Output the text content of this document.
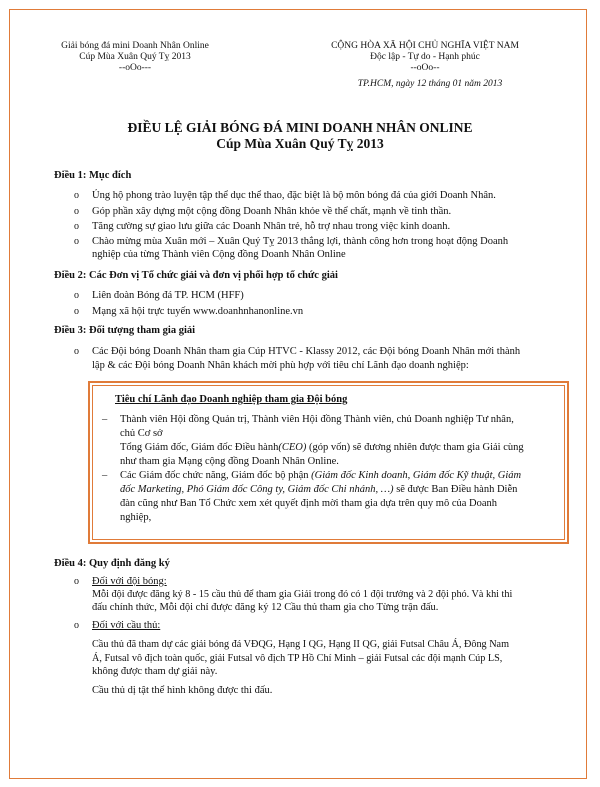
Giải bóng đá mini Doanh Nhân Online
Cúp Mùa Xuân Quý Tỵ 2013
--oOo---
CỘNG HÒA XÃ HỘI CHỦ NGHĨA VIỆT NAM
Độc lập - Tự do - Hạnh phúc
--oOo--
TP.HCM, ngày 12 tháng 01 năm 2013
ĐIỀU LỆ GIẢI BÓNG ĐÁ MINI DOANH NHÂN ONLINE
Cúp Mùa Xuân Quý Tỵ 2013
Điều 1: Mục đích
o Ủng hộ phong trào luyện tập thể dục thể thao, đặc biệt là bộ môn bóng đá của giới Doanh Nhân.
o Góp phần xây dựng một cộng đồng Doanh Nhân khỏe về thể chất, mạnh về tinh thần.
o Tăng cường sự giao lưu giữa các Doanh Nhân trẻ, hỗ trợ nhau trong việc kinh doanh.
o Chào mừng mùa Xuân mới – Xuân Quý Tỵ 2013 thắng lợi, thành công hơn trong hoạt động Doanh
nghiệp của từng Thành viên Cộng đồng Doanh Nhân Online
Điều 2: Các Đơn vị Tổ chức giải và đơn vị phối hợp tổ chức giải
o Liên đoàn Bóng đá TP. HCM (HFF)
o Mạng xã hội trực tuyến www.doanhnhanonline.vn
Điều 3: Đối tượng tham gia giải
o Các Đội bóng Doanh Nhân tham gia Cúp HTVC - Klassy 2012, các Đội bóng Doanh Nhân mới thành
lập & các Đội bóng Doanh Nhân khách mời phù hợp với tiêu chí Lãnh đạo doanh nghiệp:
Tiêu chí Lãnh đạo Doanh nghiệp tham gia Đội bóng
– Thành viên Hội đồng Quản trị, Thành viên Hội đồng Thành viên, chủ Doanh nghiệp Tư nhân,
chủ Cơ sở
Tổng Giám đốc, Giám đốc Điều hành(CEO) (góp vốn) sẽ đương nhiên được tham gia Giải cùng
như tham gia Mạng cộng đồng Doanh Nhân Online.
– Các Giám đốc chức năng, Giám đốc bộ phận (Giám đốc Kinh doanh, Giám đốc Kỹ thuật, Giám
đốc Marketing, Phó Giám đốc Công ty, Giám đốc Chi nhánh, …) sẽ được Ban Điều hành Diễn
đàn cũng như Ban Tổ Chức xem xét quyết định mời tham gia dựa trên quy mô của Doanh
nghiệp,
Điều 4: Quy định đăng ký
o Đối với đội bóng:
Mỗi đội được đăng ký 8 - 15 cầu thủ để tham gia Giải trong đó có 1 đội trưởng và 2 đội phó. Và khi thi
đấu chính thức, Mỗi đội chỉ được đăng ký 12 Cầu thủ tham gia cho Từng trận đấu.
o Đối với cầu thủ:
Cầu thủ đã tham dự các giải bóng đá VĐQG, Hạng I QG, Hạng II QG, giải Futsal Châu Á, Đông Nam
Á, Futsal vô địch toàn quốc, giải Futsal vô địch TP Hồ Chí Minh – giải Futsal các đội mạnh Cúp LS,
không được tham dự giải này.
Cầu thủ dị tật thể hình không được thi đấu.
